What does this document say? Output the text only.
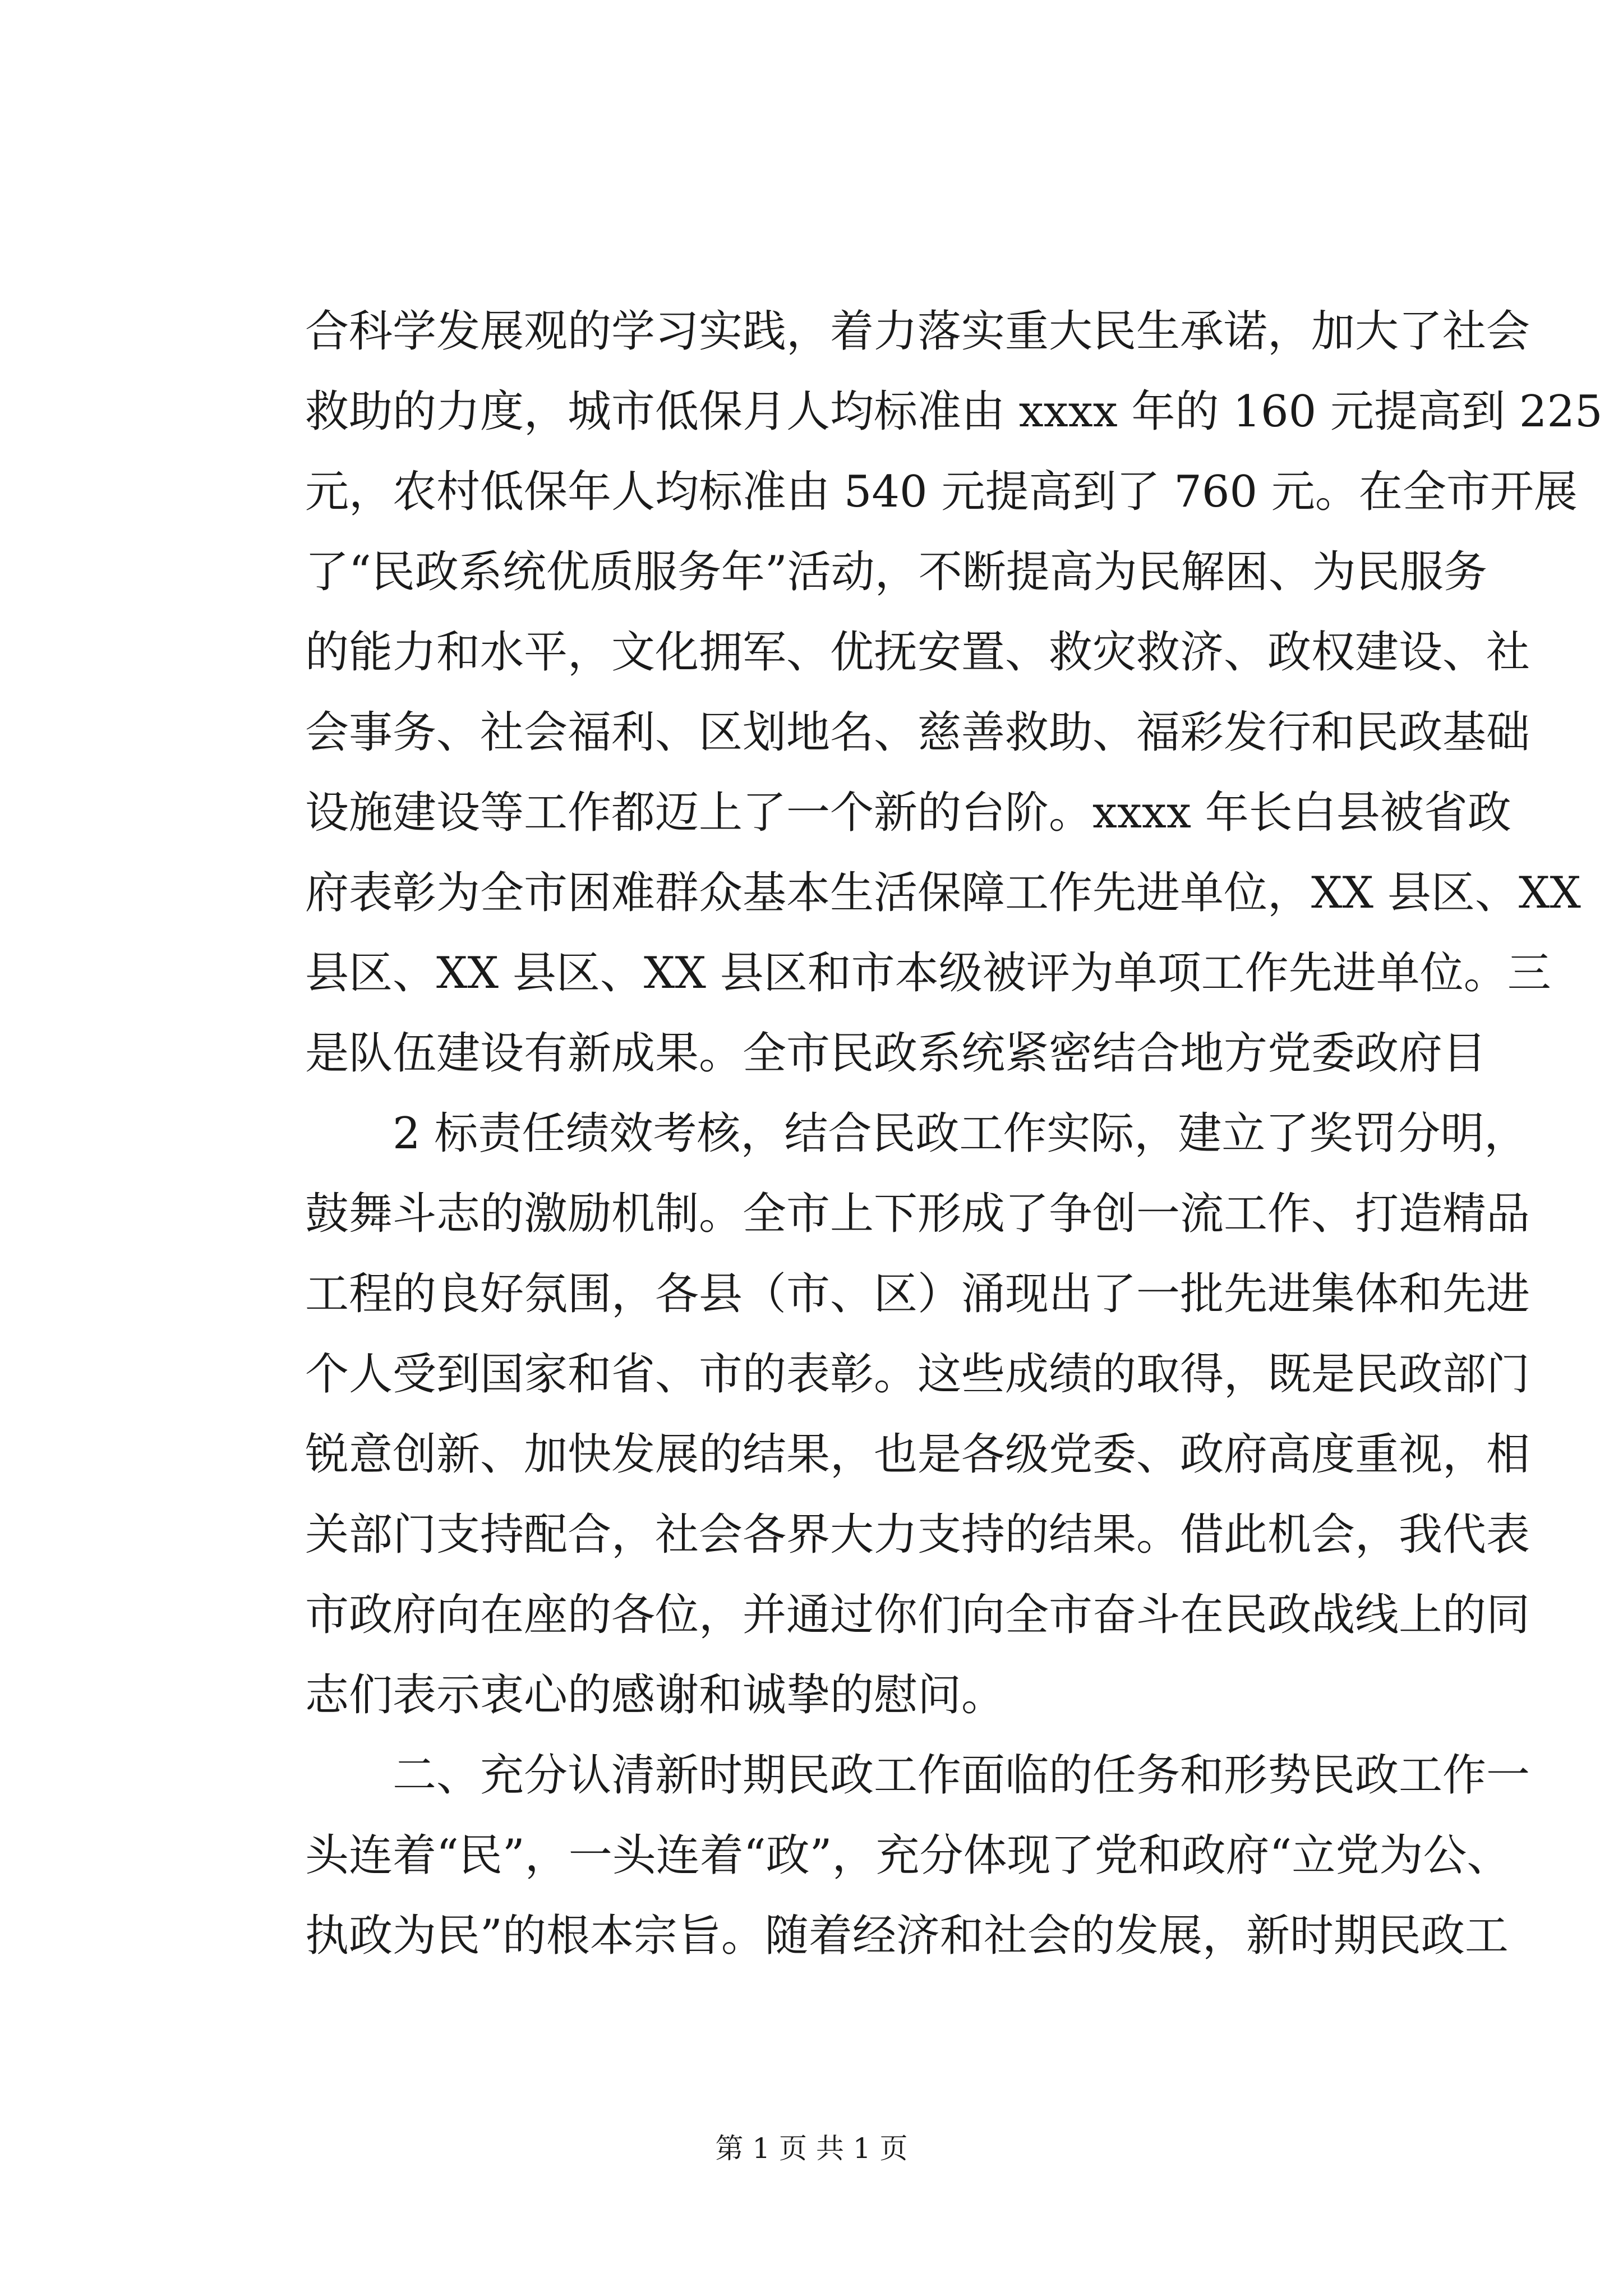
合科学发展观的学习实践，着力落实重大民生承诺，加大了社会
救助的力度，城市低保月人均标准由 xxxx 年的 160 元提高到 225
元，农村低保年人均标准由 540 元提高到了 760 元。在全市开展
了“民政系统优质服务年”活动，不断提高为民解困、为民服务
的能力和水平，文化拥军、优抚安置、救灾救济、政权建设、社
会事务、社会福利、区划地名、慈善救助、福彩发行和民政基础
设施建设等工作都迈上了一个新的台阶。xxxx 年长白县被省政
府表彰为全市困难群众基本生活保障工作先进单位，XX 县区、XX
县区、XX 县区、XX 县区和市本级被评为单项工作先进单位。三
是队伍建设有新成果。全市民政系统紧密结合地方党委政府目
2 标责任绩效考核，结合民政工作实际，建立了奖罚分明，
鼓舞斗志的激励机制。全市上下形成了争创一流工作、打造精品
工程的良好氛围，各县（市、区）涌现出了一批先进集体和先进
个人受到国家和省、市的表彰。这些成绩的取得，既是民政部门
锐意创新、加快发展的结果，也是各级党委、政府高度重视，相
关部门支持配合，社会各界大力支持的结果。借此机会，我代表
市政府向在座的各位，并通过你们向全市奋斗在民政战线上的同
志们表示衷心的感谢和诚挚的慰问。
二、充分认清新时期民政工作面临的任务和形势民政工作一
头连着“民”，一头连着“政”，充分体现了党和政府“立党为公、
执政为民”的根本宗旨。随着经济和社会的发展，新时期民政工
第 1 页 共 1 页
